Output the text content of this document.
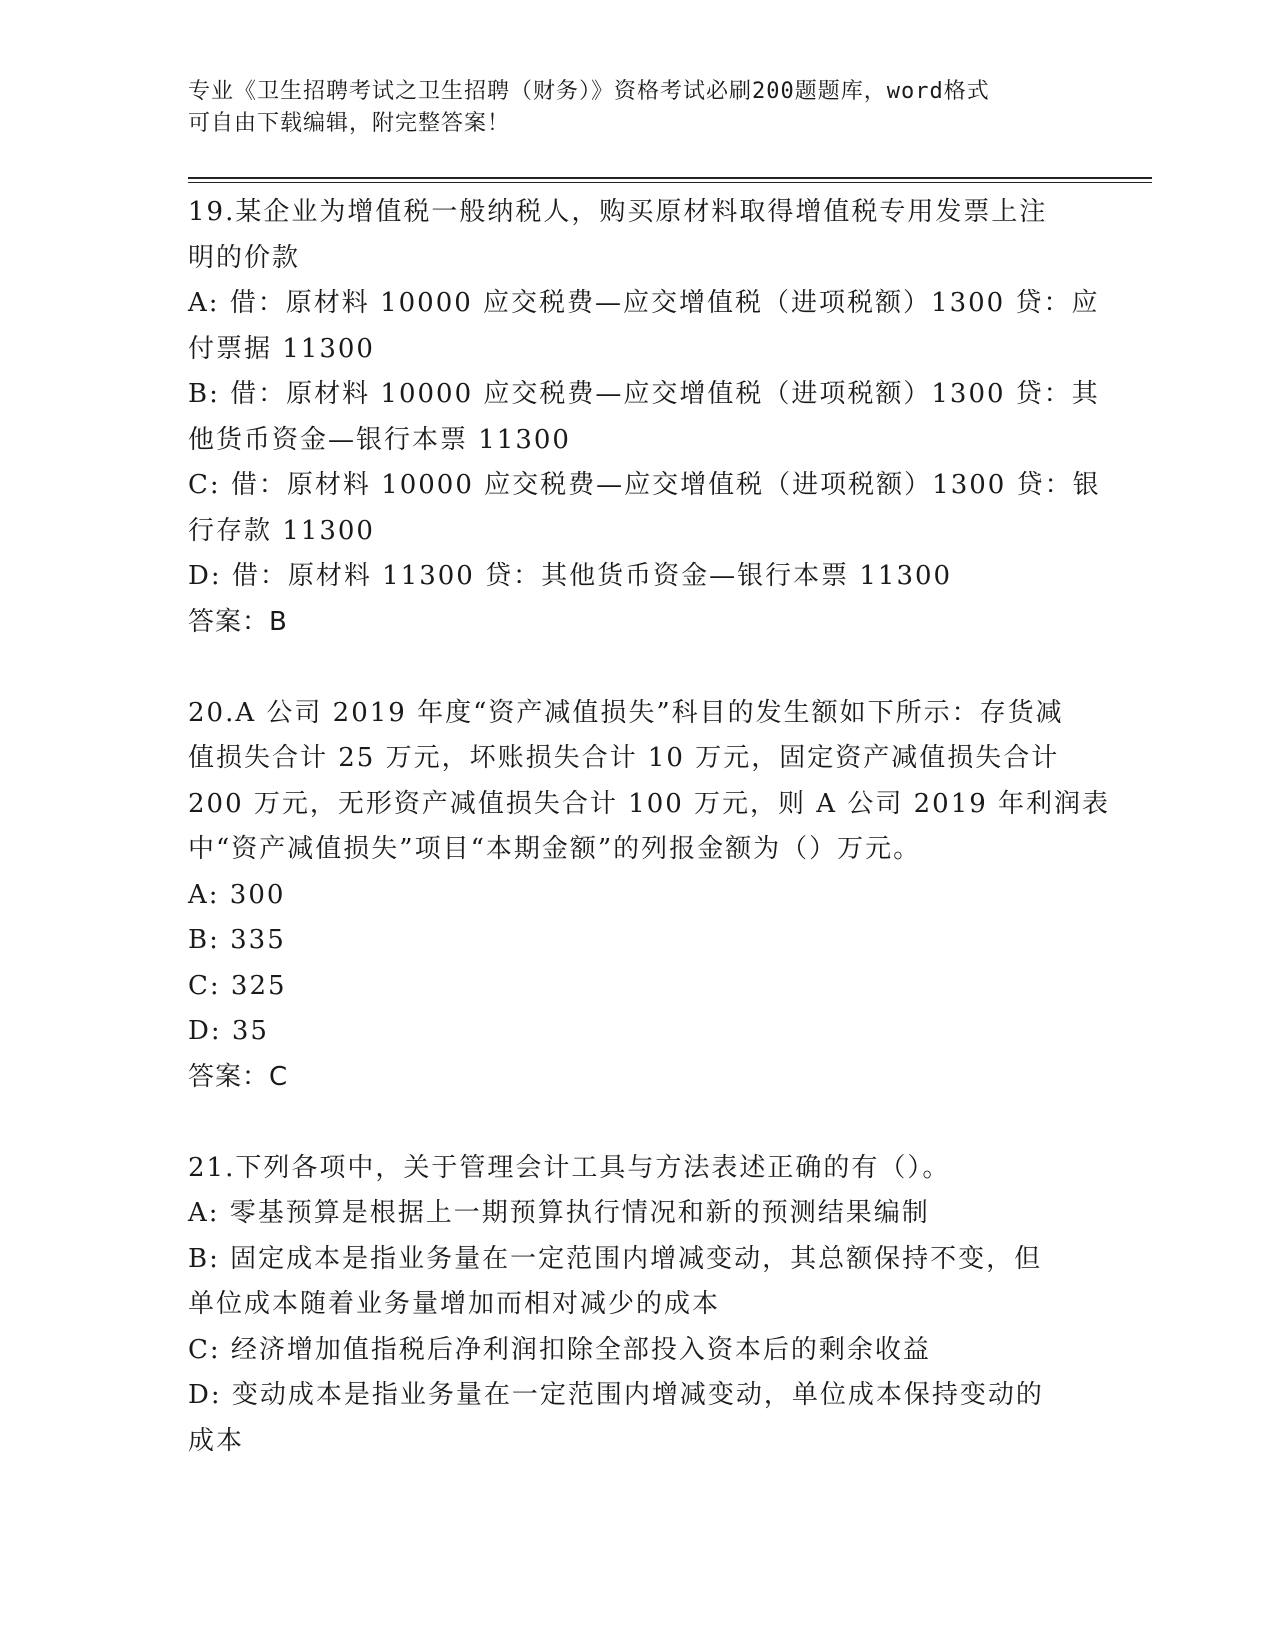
专业《卫生招聘考试之卫生招聘（财务）》资格考试必刷200题题库，word格式
可自由下载编辑，附完整答案！
19.某企业为增值税一般纳税人，购买原材料取得增值税专用发票上注
明的价款
A: 借：原材料 10000 应交税费—应交增值税（进项税额）1300 贷：应
付票据 11300
B: 借：原材料 10000 应交税费—应交增值税（进项税额）1300 贷：其
他货币资金—银行本票 11300
C: 借：原材料 10000 应交税费—应交增值税（进项税额）1300 贷：银
行存款 11300
D: 借：原材料 11300 贷：其他货币资金—银行本票 11300
答案：B
20.A 公司 2019 年度“资产减值损失”科目的发生额如下所示：存货减
值损失合计 25 万元，坏账损失合计 10 万元，固定资产减值损失合计
200 万元，无形资产减值损失合计 100 万元，则 A 公司 2019 年利润表
中“资产减值损失”项目“本期金额”的列报金额为（）万元。
A: 300
B: 335
C: 325
D: 35
答案：C
21.下列各项中，关于管理会计工具与方法表述正确的有（）。
A: 零基预算是根据上一期预算执行情况和新的预测结果编制
B: 固定成本是指业务量在一定范围内增减变动，其总额保持不变，但
单位成本随着业务量增加而相对减少的成本
C: 经济增加值指税后净利润扣除全部投入资本后的剩余收益
D: 变动成本是指业务量在一定范围内增减变动，单位成本保持变动的
成本
